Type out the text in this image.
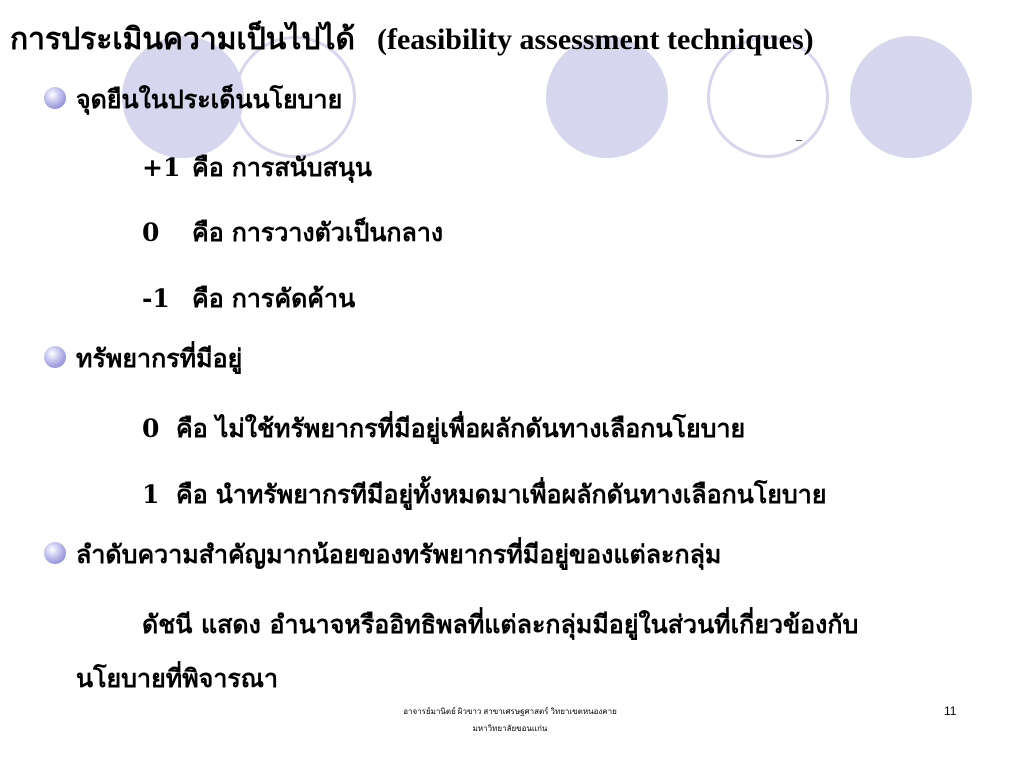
การประเมินความเป็นไปได้ (feasibility assessment techniques)
จุดยืนในประเด็นนโยบาย
+1 คือ การสนับสนุน
0 คือ การวางตัวเป็นกลาง
-1 คือ การคัดค้าน
ทรัพยากรที่มีอยู่
0 คือ ไม่ใช้ทรัพยากรที่มีอยู่เพื่อผลักดันทางเลือกนโยบาย
1 คือ นำทรัพยากรทีมีอยู่ทั้งหมดมาเพื่อผลักดันทางเลือกนโยบาย
ลำดับความสำคัญมากน้อยของทรัพยากรที่มีอยู่ของแต่ละกลุ่ม
ดัชนี แสดง อำนาจหรืออิทธิพลที่แต่ละกลุ่มมีอยู่ในส่วนที่เกี่ยวข้องกับ
นโยบายที่พิจารณา
อาจารย์มานิตย์ ผิวขาว สาขาเศรษฐศาสตร์ วิทยาเขตหนองคาย
มหาวิทยาลัยขอนแก่น
11
